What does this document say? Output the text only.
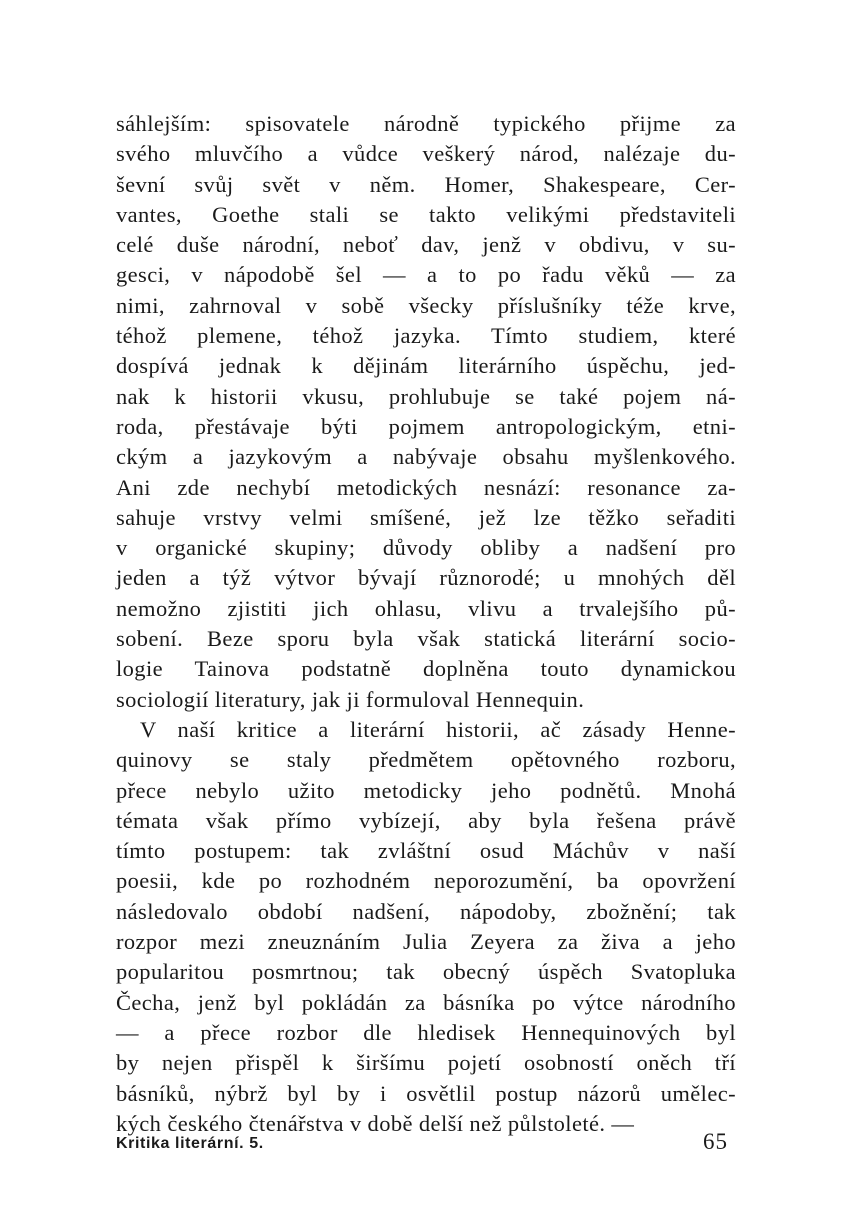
sáhlejším: spisovatele národně typického přijme za
svého mluvčího a vůdce veškerý národ, nalézaje du-
ševní svůj svět v něm. Homer, Shakespeare, Cer-
vantes, Goethe stali se takto velikými představiteli
celé duše národní, neboť dav, jenž v obdivu, v su-
gesci, v nápodobě šel — a to po řadu věků — za
nimi, zahrnoval v sobě všecky příslušníky téže krve,
téhož plemene, téhož jazyka. Tímto studiem, které
dospívá jednak k dějinám literárního úspěchu, jed-
nak k historii vkusu, prohlubuje se také pojem ná-
roda, přestávaje býti pojmem antropologickým, etni-
ckým a jazykovým a nabývaje obsahu myšlenkového.
Ani zde nechybí metodických nesnází: resonance za-
sahuje vrstvy velmi smíšené, jež lze těžko seřaditi
v organické skupiny; důvody obliby a nadšení pro
jeden a týž výtvor bývají různorodé; u mnohých děl
nemožno zjistiti jich ohlasu, vlivu a trvalejšího pů-
sobení. Beze sporu byla však statická literární socio-
logie Tainova podstatně doplněna touto dynamickou
sociologií literatury, jak ji formuloval Hennequin.
V naší kritice a literární historii, ač zásady Henne-
quinovy se staly předmětem opětovného rozboru,
přece nebylo užito metodicky jeho podnětů. Mnohá
témata však přímo vybízejí, aby byla řešena právě
tímto postupem: tak zvláštní osud Máchův v naší
poesii, kde po rozhodném neporozumění, ba opovržení
následovalo období nadšení, nápodoby, zbožnění; tak
rozpor mezi zneuznáním Julia Zeyera za živa a jeho
popularitou posmrtnou; tak obecný úspěch Svatopluka
Čecha, jenž byl pokládán za básníka po výtce národního
— a přece rozbor dle hledisek Hennequinových byl
by nejen přispěl k širšímu pojetí osobností oněch tří
básníků, nýbrž byl by i osvětlil postup názorů umělec-
kých českého čtenářstva v době delší než půlstoleté. —
Kritika literární. 5.	65
